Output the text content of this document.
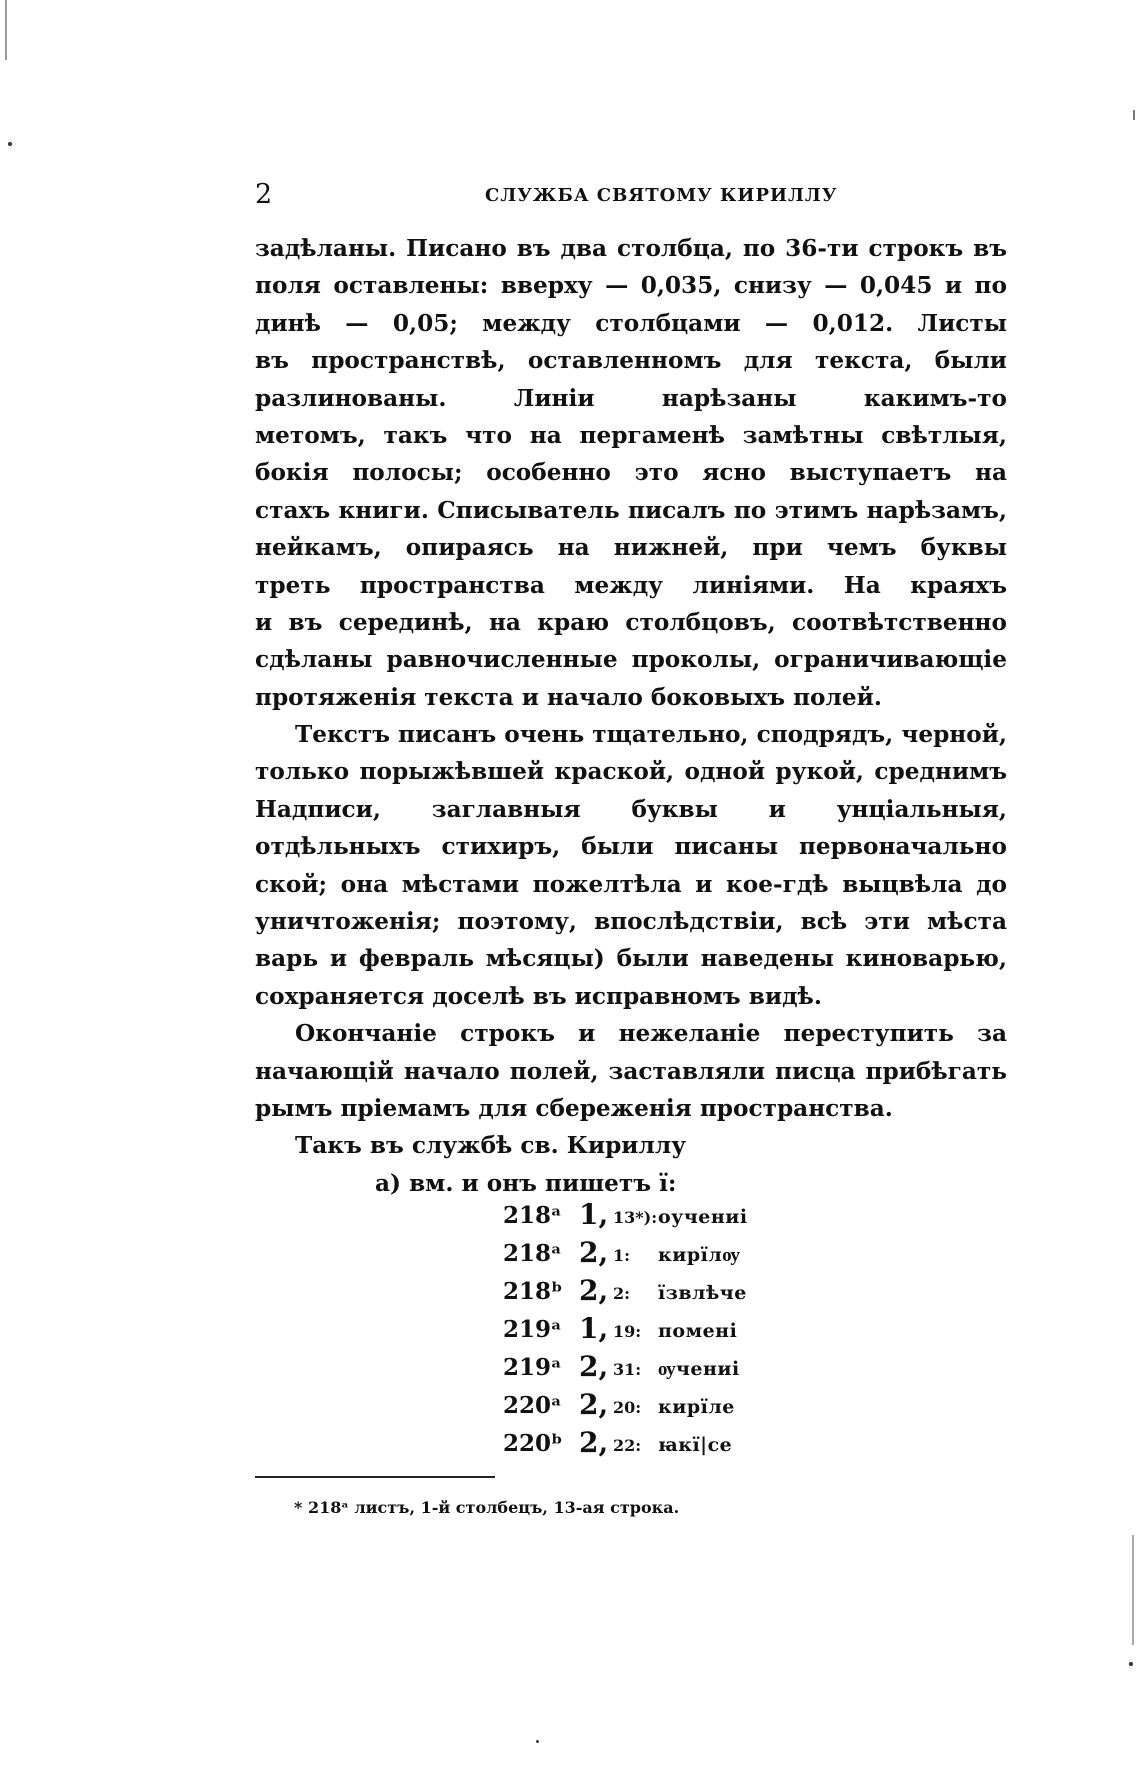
2	СЛУЖБА СВЯТОМУ КИРИЛЛУ
задѣланы. Писано въ два столбца, по 36-ти строкъ въ
поля оставлены: вверху — 0,035, снизу — 0,045 и по
динѣ — 0,05; между столбцами — 0,012. Листы
въ пространствѣ, оставленномъ для текста, были
разлинованы. Линіи нарѣзаны какимъ-то
метомъ, такъ что на пергаменѣ замѣтны свѣтлыя,
бокія полосы; особенно это ясно выступаетъ на
стахъ книги. Списыватель писалъ по этимъ нарѣзамъ,
нейкамъ, опираясь на нижней, при чемъ буквы
треть пространства между линіями. На краяхъ
и въ серединѣ, на краю столбцовъ, соотвѣтственно
сдѣланы равночисленные проколы, ограничивающіе
протяженія текста и начало боковыхъ полей.
Текстъ писанъ очень тщательно, сподрядъ, черной,
только порыжѣвшей краской, одной рукой, среднимъ
Надписи, заглавныя буквы и унціальныя,
отдѣльныхъ стихиръ, были писаны первоначально
ской; она мѣстами пожелтѣла и кое-гдѣ выцвѣла до
уничтоженія; поэтому, впослѣдствіи, всѣ эти мѣста
варь и февраль мѣсяцы) были наведены киноварью,
сохраняется доселѣ въ исправномъ видѣ.
Окончаніе строкъ и нежеланіе переступить за
начающій начало полей, заставляли писца прибѣгать
рымъ пріемамъ для сбереженія пространства.
Такъ въ службѣ св. Кириллу
а) вм. и онъ пишетъ ї:
218ᵃ 1, 13*): оучениі
218ᵃ 2, 1: кирїлѹ
218ᵇ 2, 2: їзвлѣче
219ᵃ 1, 19: помені
219ᵃ 2, 31: ѹчениі
220ᵃ 2, 20: кирїле
220ᵇ 2, 22: ꙗкї|се
* 218ᵃ листъ, 1-й столбецъ, 13-ая строка.
